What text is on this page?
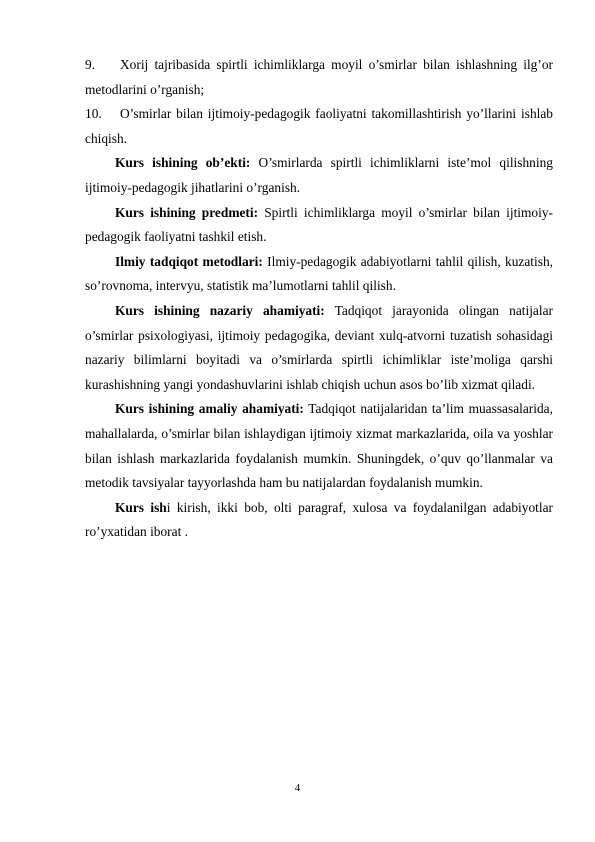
9. Xorij tajribasida spirtli ichimliklarga moyil o’smirlar bilan ishlashning ilg’or metodlarini o’rganish;

10. O’smirlar bilan ijtimoiy-pedagogik faoliyatni takomillashtirish yo’llarini ishlab chiqish.

Kurs ishining ob’ekti: O’smirlarda spirtli ichimliklarni iste’mol qilishning ijtimoiy-pedagogik jihatlarini o’rganish.

Kurs ishining predmeti: Spirtli ichimliklarga moyil o’smirlar bilan ijtimoiy-pedagogik faoliyatni tashkil etish.

Ilmiy tadqiqot metodlari: Ilmiy-pedagogik adabiyotlarni tahlil qilish, kuzatish, so’rovnoma, intervyu, statistik ma’lumotlarni tahlil qilish.

Kurs ishining nazariy ahamiyati: Tadqiqot jarayonida olingan natijalar o’smirlar psixologiyasi, ijtimoiy pedagogika, deviant xulq-atvorni tuzatish sohasidagi nazariy bilimlarni boyitadi va o’smirlarda spirtli ichimliklar iste’moliga qarshi kurashishning yangi yondashuvlarini ishlab chiqish uchun asos bo’lib xizmat qiladi.

Kurs ishining amaliy ahamiyati: Tadqiqot natijalaridan ta’lim muassasalarida, mahallalarda, o’smirlar bilan ishlaydigan ijtimoiy xizmat markazlarida, oila va yoshlar bilan ishlash markazlarida foydalanish mumkin. Shuningdek, o’quv qo’llanmalar va metodik tavsiyalar tayyorlashda ham bu natijalardan foydalanish mumkin.

Kurs ishi kirish, ikki bob, olti paragraf, xulosa va foydalanilgan adabiyotlar ro’yxatidan iborat .

4
